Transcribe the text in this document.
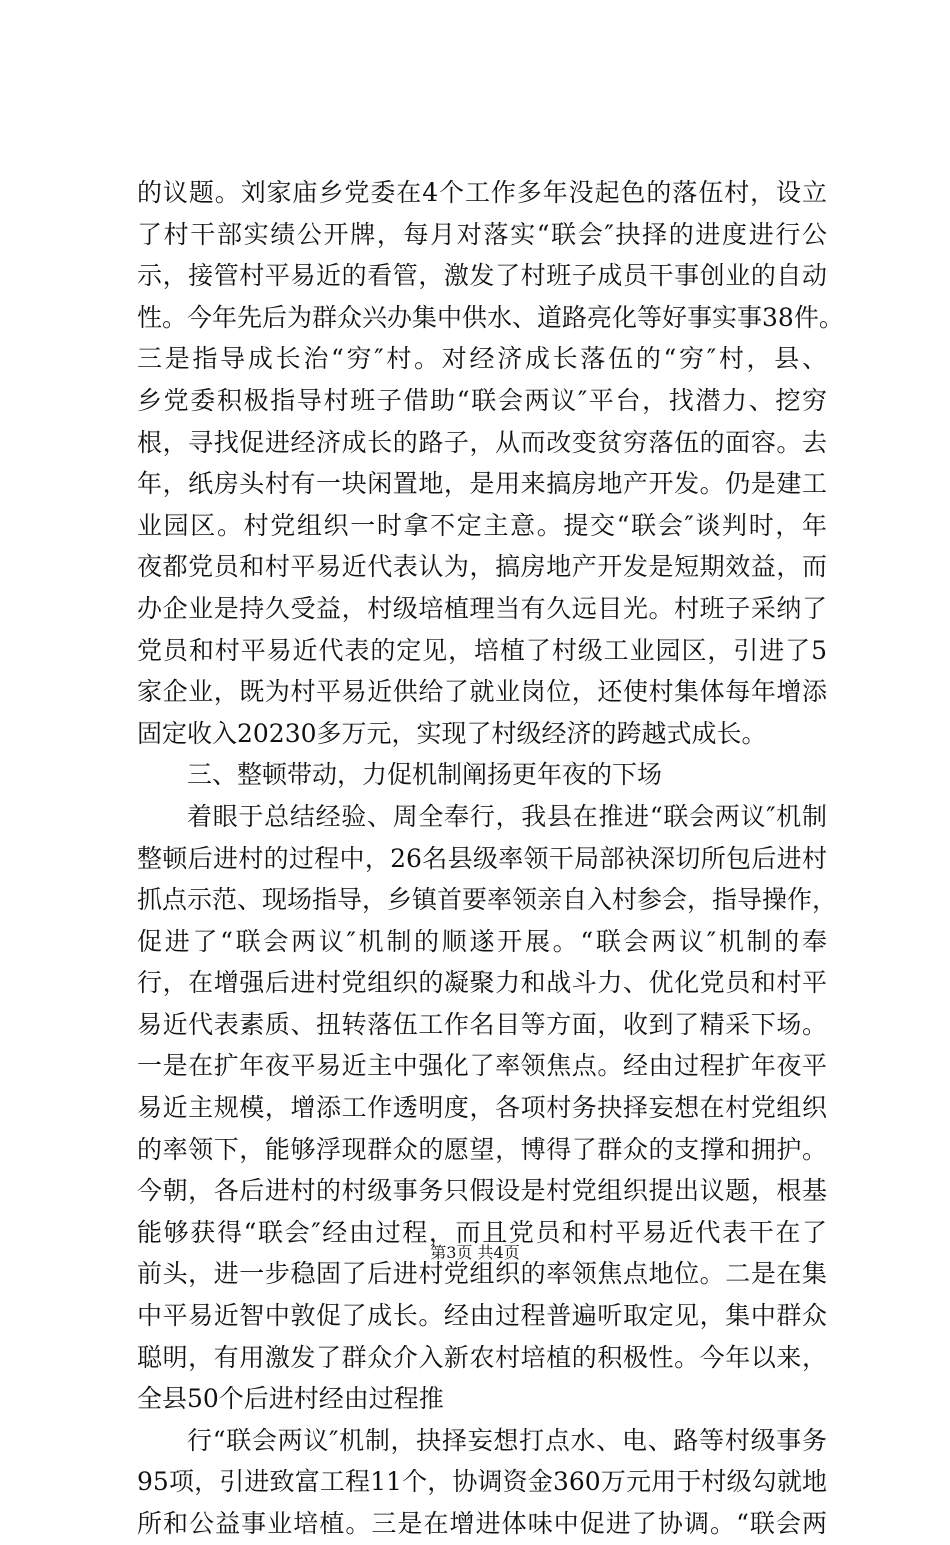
的议题。刘家庙乡党委在4个工作多年没起色的落伍村，设立
了村干部实绩公开牌，每月对落实“联会″抉择的进度进行公
示，接管村平易近的看管，激发了村班子成员干事创业的自动
性。今年先后为群众兴办集中供水、道路亮化等好事实事38件。
三是指导成长治“穷″村。对经济成长落伍的“穷″村，县、
乡党委积极指导村班子借助“联会两议″平台，找潜力、挖穷
根，寻找促进经济成长的路子，从而改变贫穷落伍的面容。去
年，纸房头村有一块闲置地，是用来搞房地产开发。仍是建工
业园区。村党组织一时拿不定主意。提交“联会″谈判时，年
夜都党员和村平易近代表认为，搞房地产开发是短期效益，而
办企业是持久受益，村级培植理当有久远目光。村班子采纳了
党员和村平易近代表的定见，培植了村级工业园区，引进了5
家企业，既为村平易近供给了就业岗位，还使村集体每年增添
固定收入20230多万元，实现了村级经济的跨越式成长。
三、整顿带动，力促机制阐扬更年夜的下场
着眼于总结经验、周全奉行，我县在推进“联会两议″机制
整顿后进村的过程中，26名县级率领干局部袂深切所包后进村
抓点示范、现场指导，乡镇首要率领亲自入村参会，指导操作，
促进了“联会两议″机制的顺遂开展。“联会两议″机制的奉
行，在增强后进村党组织的凝聚力和战斗力、优化党员和村平
易近代表素质、扭转落伍工作名目等方面，收到了精采下场。
一是在扩年夜平易近主中强化了率领焦点。经由过程扩年夜平
易近主规模，增添工作透明度，各项村务抉择妄想在村党组织
的率领下，能够浮现群众的愿望，博得了群众的支撑和拥护。
今朝，各后进村的村级事务只假设是村党组织提出议题，根基
能够获得“联会″经由过程，而且党员和村平易近代表干在了
前头，进一步稳固了后进村党组织的率领焦点地位。二是在集
中平易近智中敦促了成长。经由过程普遍听取定见，集中群众
聪明，有用激发了群众介入新农村培植的积极性。今年以来，
全县50个后进村经由过程推
行“联会两议″机制，抉择妄想打点水、电、路等村级事务
95项，引进致富工程11个，协调资金360万元用于村级勾就地
所和公益事业培植。三是在增进体味中促进了协调。“联会两
第3页 共4页
